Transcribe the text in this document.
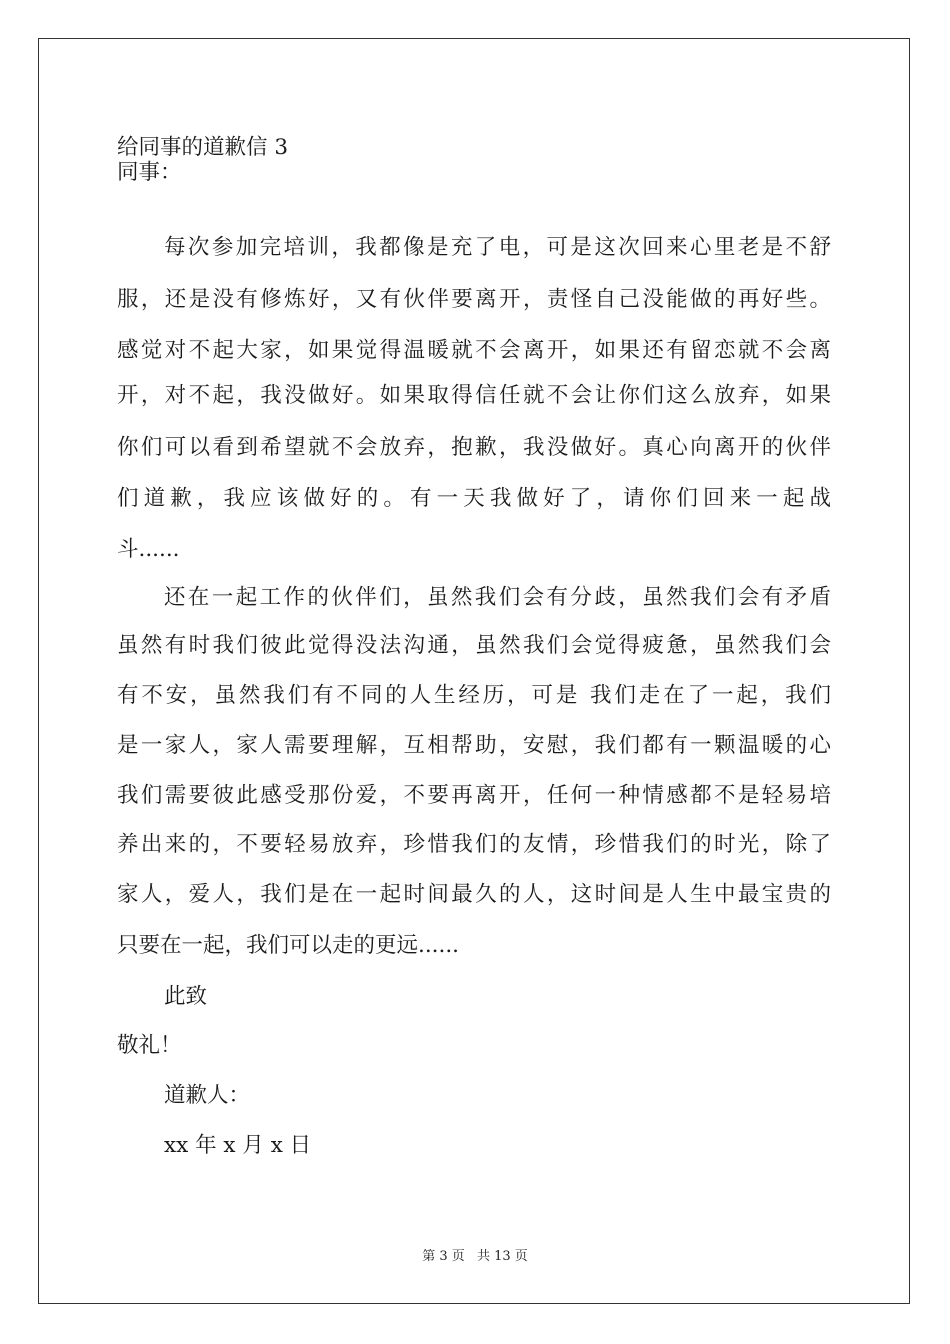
给同事的道歉信 3
同事：
每次参加完培训，我都像是充了电，可是这次回来心里老是不舒
服，还是没有修炼好，又有伙伴要离开，责怪自己没能做的再好些。
感觉对不起大家，如果觉得温暖就不会离开，如果还有留恋就不会离
开，对不起，我没做好。如果取得信任就不会让你们这么放弃，如果
你们可以看到希望就不会放弃，抱歉，我没做好。真心向离开的伙伴
们道歉，我应该做好的。有一天我做好了，请你们回来一起战
斗......
还在一起工作的伙伴们，虽然我们会有分歧，虽然我们会有矛盾
虽然有时我们彼此觉得没法沟通，虽然我们会觉得疲惫，虽然我们会
有不安，虽然我们有不同的人生经历，可是 我们走在了一起，我们
是一家人，家人需要理解，互相帮助，安慰，我们都有一颗温暖的心
我们需要彼此感受那份爱，不要再离开，任何一种情感都不是轻易培
养出来的，不要轻易放弃，珍惜我们的友情，珍惜我们的时光，除了
家人，爱人，我们是在一起时间最久的人，这时间是人生中最宝贵的
只要在一起，我们可以走的更远......
此致
敬礼！
道歉人：
xx 年 x 月 x 日
第 3 页 共 13 页
